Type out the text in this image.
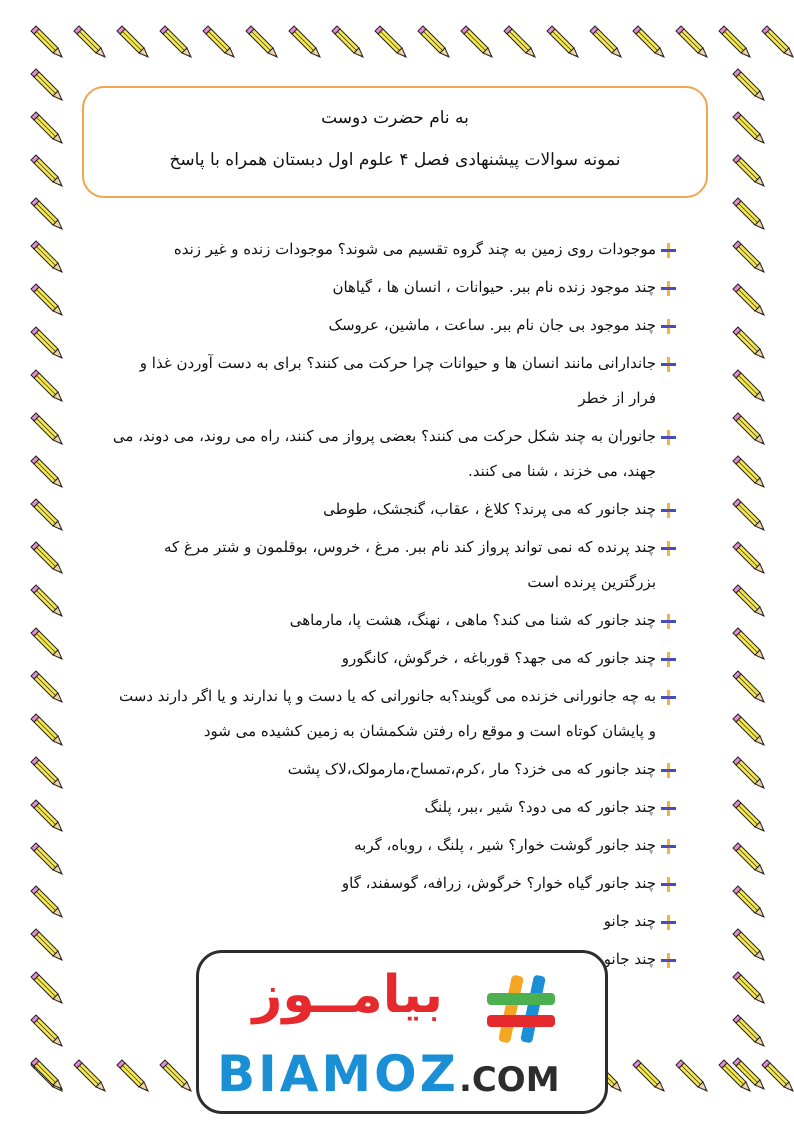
به نام حضرت دوست
نمونه سوالات پیشنهادی فصل ۴ علوم اول دبستان همراه با پاسخ
موجودات روی زمین به چند گروه تقسیم می شوند؟ موجودات زنده و غیر زنده
چند موجود زنده نام ببر. حیوانات ، انسان ها ، گیاهان
چند موجود بی جان نام ببر. ساعت ، ماشین، عروسک
جاندارانی مانند انسان ها و حیوانات چرا حرکت می کنند؟ برای به دست آوردن غذا و فرار از خطر
جانوران به چند شکل حرکت می کنند؟ بعضی پرواز می کنند، راه می روند، می دوند، می جهند، می خزند ، شنا می کنند.
چند جانور که می پرند؟ کلاغ ، عقاب، گنجشک، طوطی
چند پرنده که نمی تواند پرواز کند نام ببر. مرغ ، خروس، بوقلمون و شتر مرغ که بزرگترین پرنده است
چند جانور که شنا می کند؟ ماهی ، نهنگ، هشت پا، مارماهی
چند جانور که می جهد؟ قورباغه ، خرگوش، کانگورو
به چه جانورانی خزنده می گویند؟به جانورانی که یا دست و پا ندارند و یا اگر دارند دست و پایشان کوتاه است و موقع راه رفتن شکمشان به زمین کشیده می شود
چند جانور که می خزد؟ مار ،کرم،تمساح،مارمولک،لاک پشت
چند جانور که می دود؟ شیر ،ببر، پلنگ
چند جانور گوشت خوار؟ شیر ، پلنگ ، روباه، گربه
چند جانور گیاه خوار؟ خرگوش، زرافه، گوسفند، گاو
چند جانو
چند جانو
بیامــوز
BIAMOZ.COM
